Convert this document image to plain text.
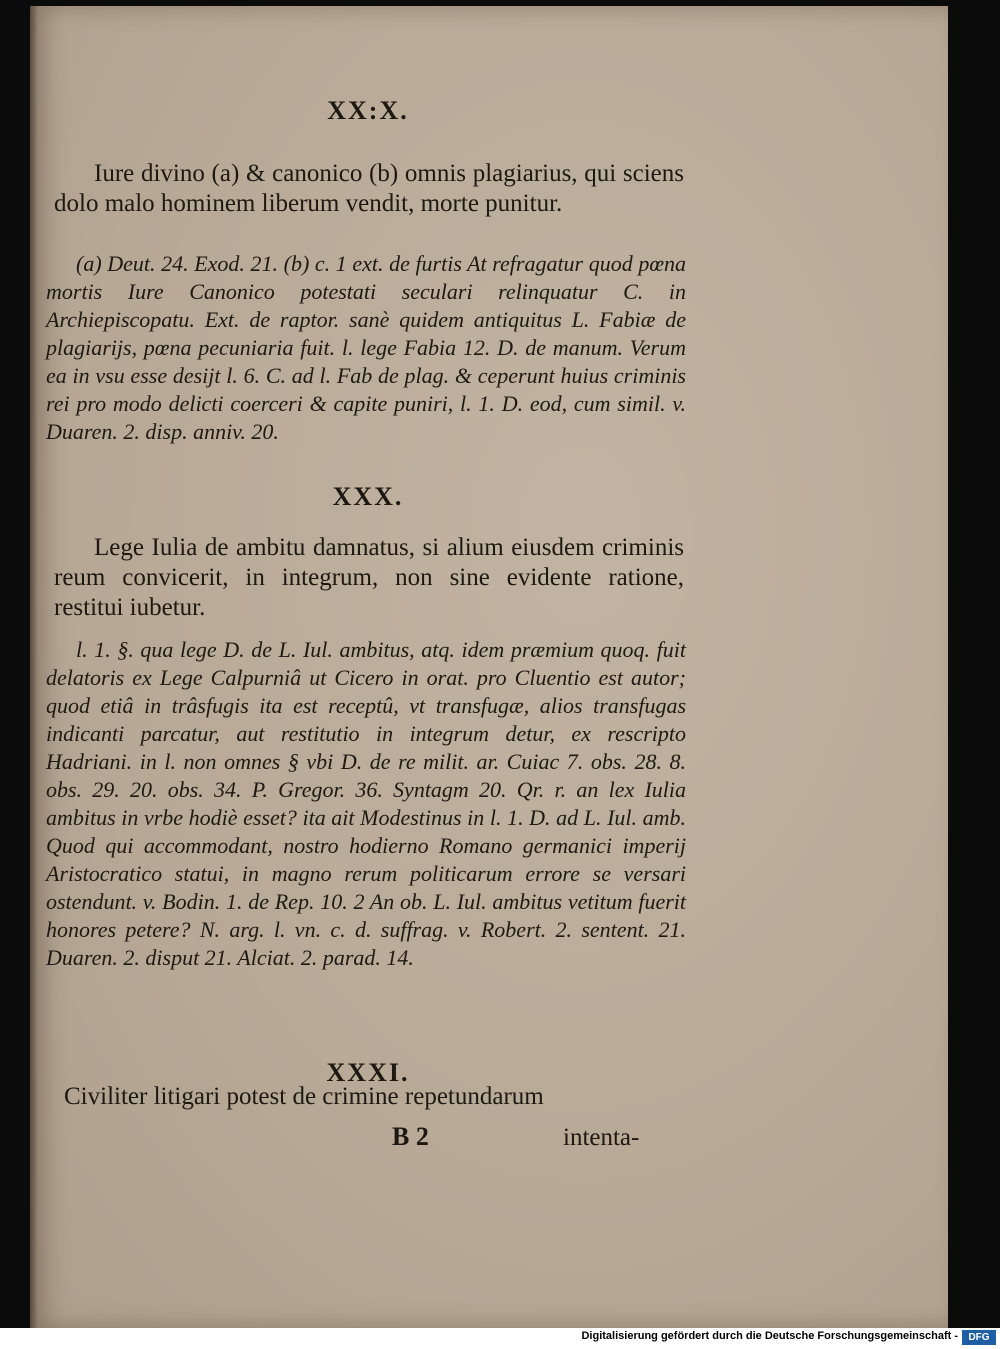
XX:X.

Iure divino (a) & canonico (b) omnis plagiarius, qui sciens dolo malo hominem liberum vendit, morte punitur.

(a) Deut. 24. Exod. 21. (b) c. 1 ext. de furtis At refragatur quod pœna mortis Iure Canonico potestati seculari relinquatur C. in Archiepiscopatu. Ext. de raptor. sanè quidem antiquitus L. Fabiæ de plagiarijs, pœna pecuniaria fuit. l. lege Fabia 12. D. de manum. Verum ea in vsu esse desijt l. 6. C. ad l. Fab de plag. & ceperunt huius criminis rei pro modo delicti coerceri & capite puniri, l. 1. D. eod, cum simil. v. Duaren. 2. disp. anniv. 20.

XXX.

Lege Iulia de ambitu damnatus, si alium eiusdem criminis reum convicerit, in integrum, non sine evidente ratione, restitui iubetur.

l. 1. §. qua lege D. de L. Iul. ambitus, atq. idem præmium quoq. fuit delatoris ex Lege Calpurniâ ut Cicero in orat. pro Cluentio est autor; quod etiâ in trâsfugis ita est receptû, vt transfugæ, alios transfugas indicanti parcatur, aut restitutio in integrum detur, ex rescripto Hadriani. in l. non omnes § vbi D. de re milit. ar. Cuiac 7. obs. 28. 8. obs. 29. 20. obs. 34. P. Gregor. 36. Syntagm 20. Qr. r. an lex Iulia ambitus in vrbe hodiè esset? ita ait Modestinus in l. 1. D. ad L. Iul. amb. Quod qui accommodant, nostro hodierno Romano germanici imperij Aristocratico statui, in magno rerum politicarum errore se versari ostendunt. v. Bodin. 1. de Rep. 10. 2 An ob. L. Iul. ambitus vetitum fuerit honores petere? N. arg. l. vn. c. d. suffrag. v. Robert. 2. sentent. 21. Duaren. 2. disput 21. Alciat. 2. parad. 14.

XXXI.

Civiliter litigari potest de crimine repetundarum

B 2	intenta-
Digitalisierung gefördert durch die Deutsche Forschungsgemeinschaft -	DFG
